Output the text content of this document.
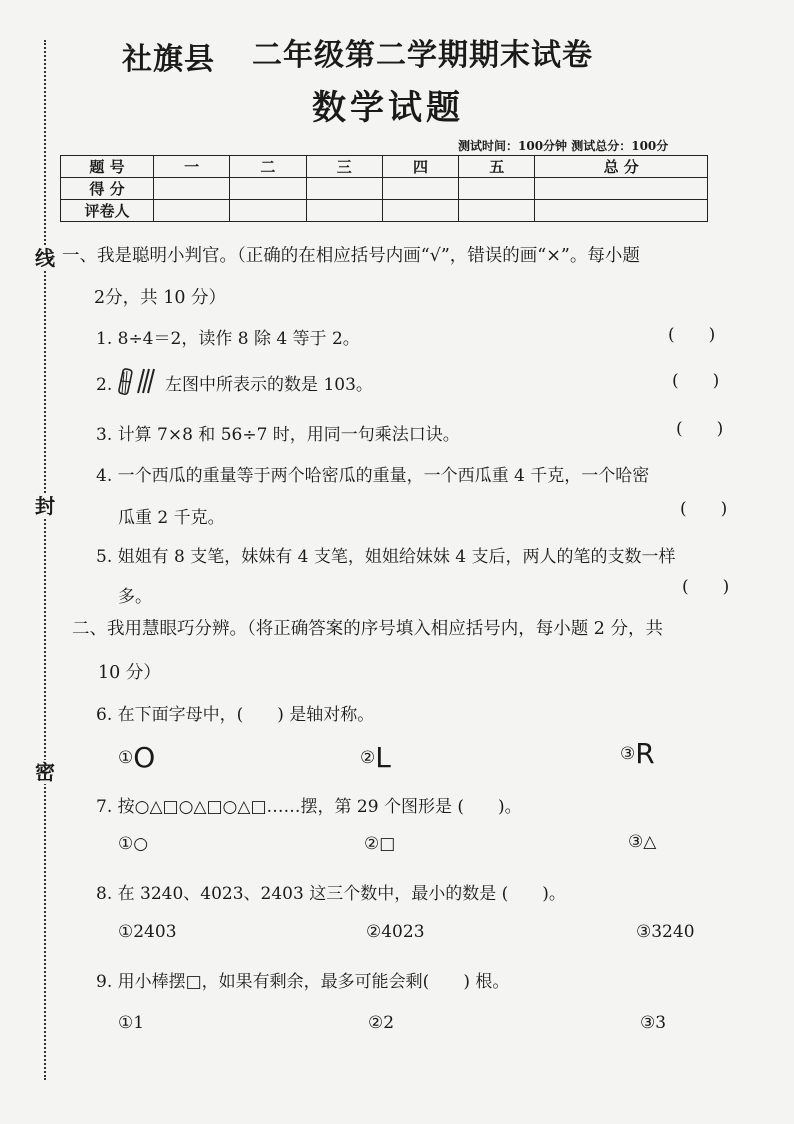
线
封
密
社旗县 二年级第二学期期末试卷
数学试题
测试时间：100分钟 测试总分：100分
题 号	一	二	三	四	五	总 分
得 分						
评卷人						
一、我是聪明小判官。（正确的在相应括号内画“√”，错误的画“×”。每小题
2分，共 10 分）
1. 8÷4＝2，读作 8 除 4 等于 2。	(　　)
2.	左图中所表示的数是 103。	(　　)
3. 计算 7×8 和 56÷7 时，用同一句乘法口诀。	(　　)
4. 一个西瓜的重量等于两个哈密瓜的重量，一个西瓜重 4 千克，一个哈密
(　　)
瓜重 2 千克。
5. 姐姐有 8 支笔，妹妹有 4 支笔，姐姐给妹妹 4 支后，两人的笔的支数一样
(　　)
多。
二、我用慧眼巧分辨。（将正确答案的序号填入相应括号内，每小题 2 分，共
10 分）
6. 在下面字母中，(　　) 是轴对称。
①O	②L	③R
7. 按○△□○△□○△□……摆，第 29 个图形是 (　　)。
①○	②□	③△
8. 在 3240、4023、2403 这三个数中，最小的数是 (　　)。
①2403	②4023	③3240
9. 用小棒摆□，如果有剩余，最多可能会剩(　　) 根。
①1	②2	③3
